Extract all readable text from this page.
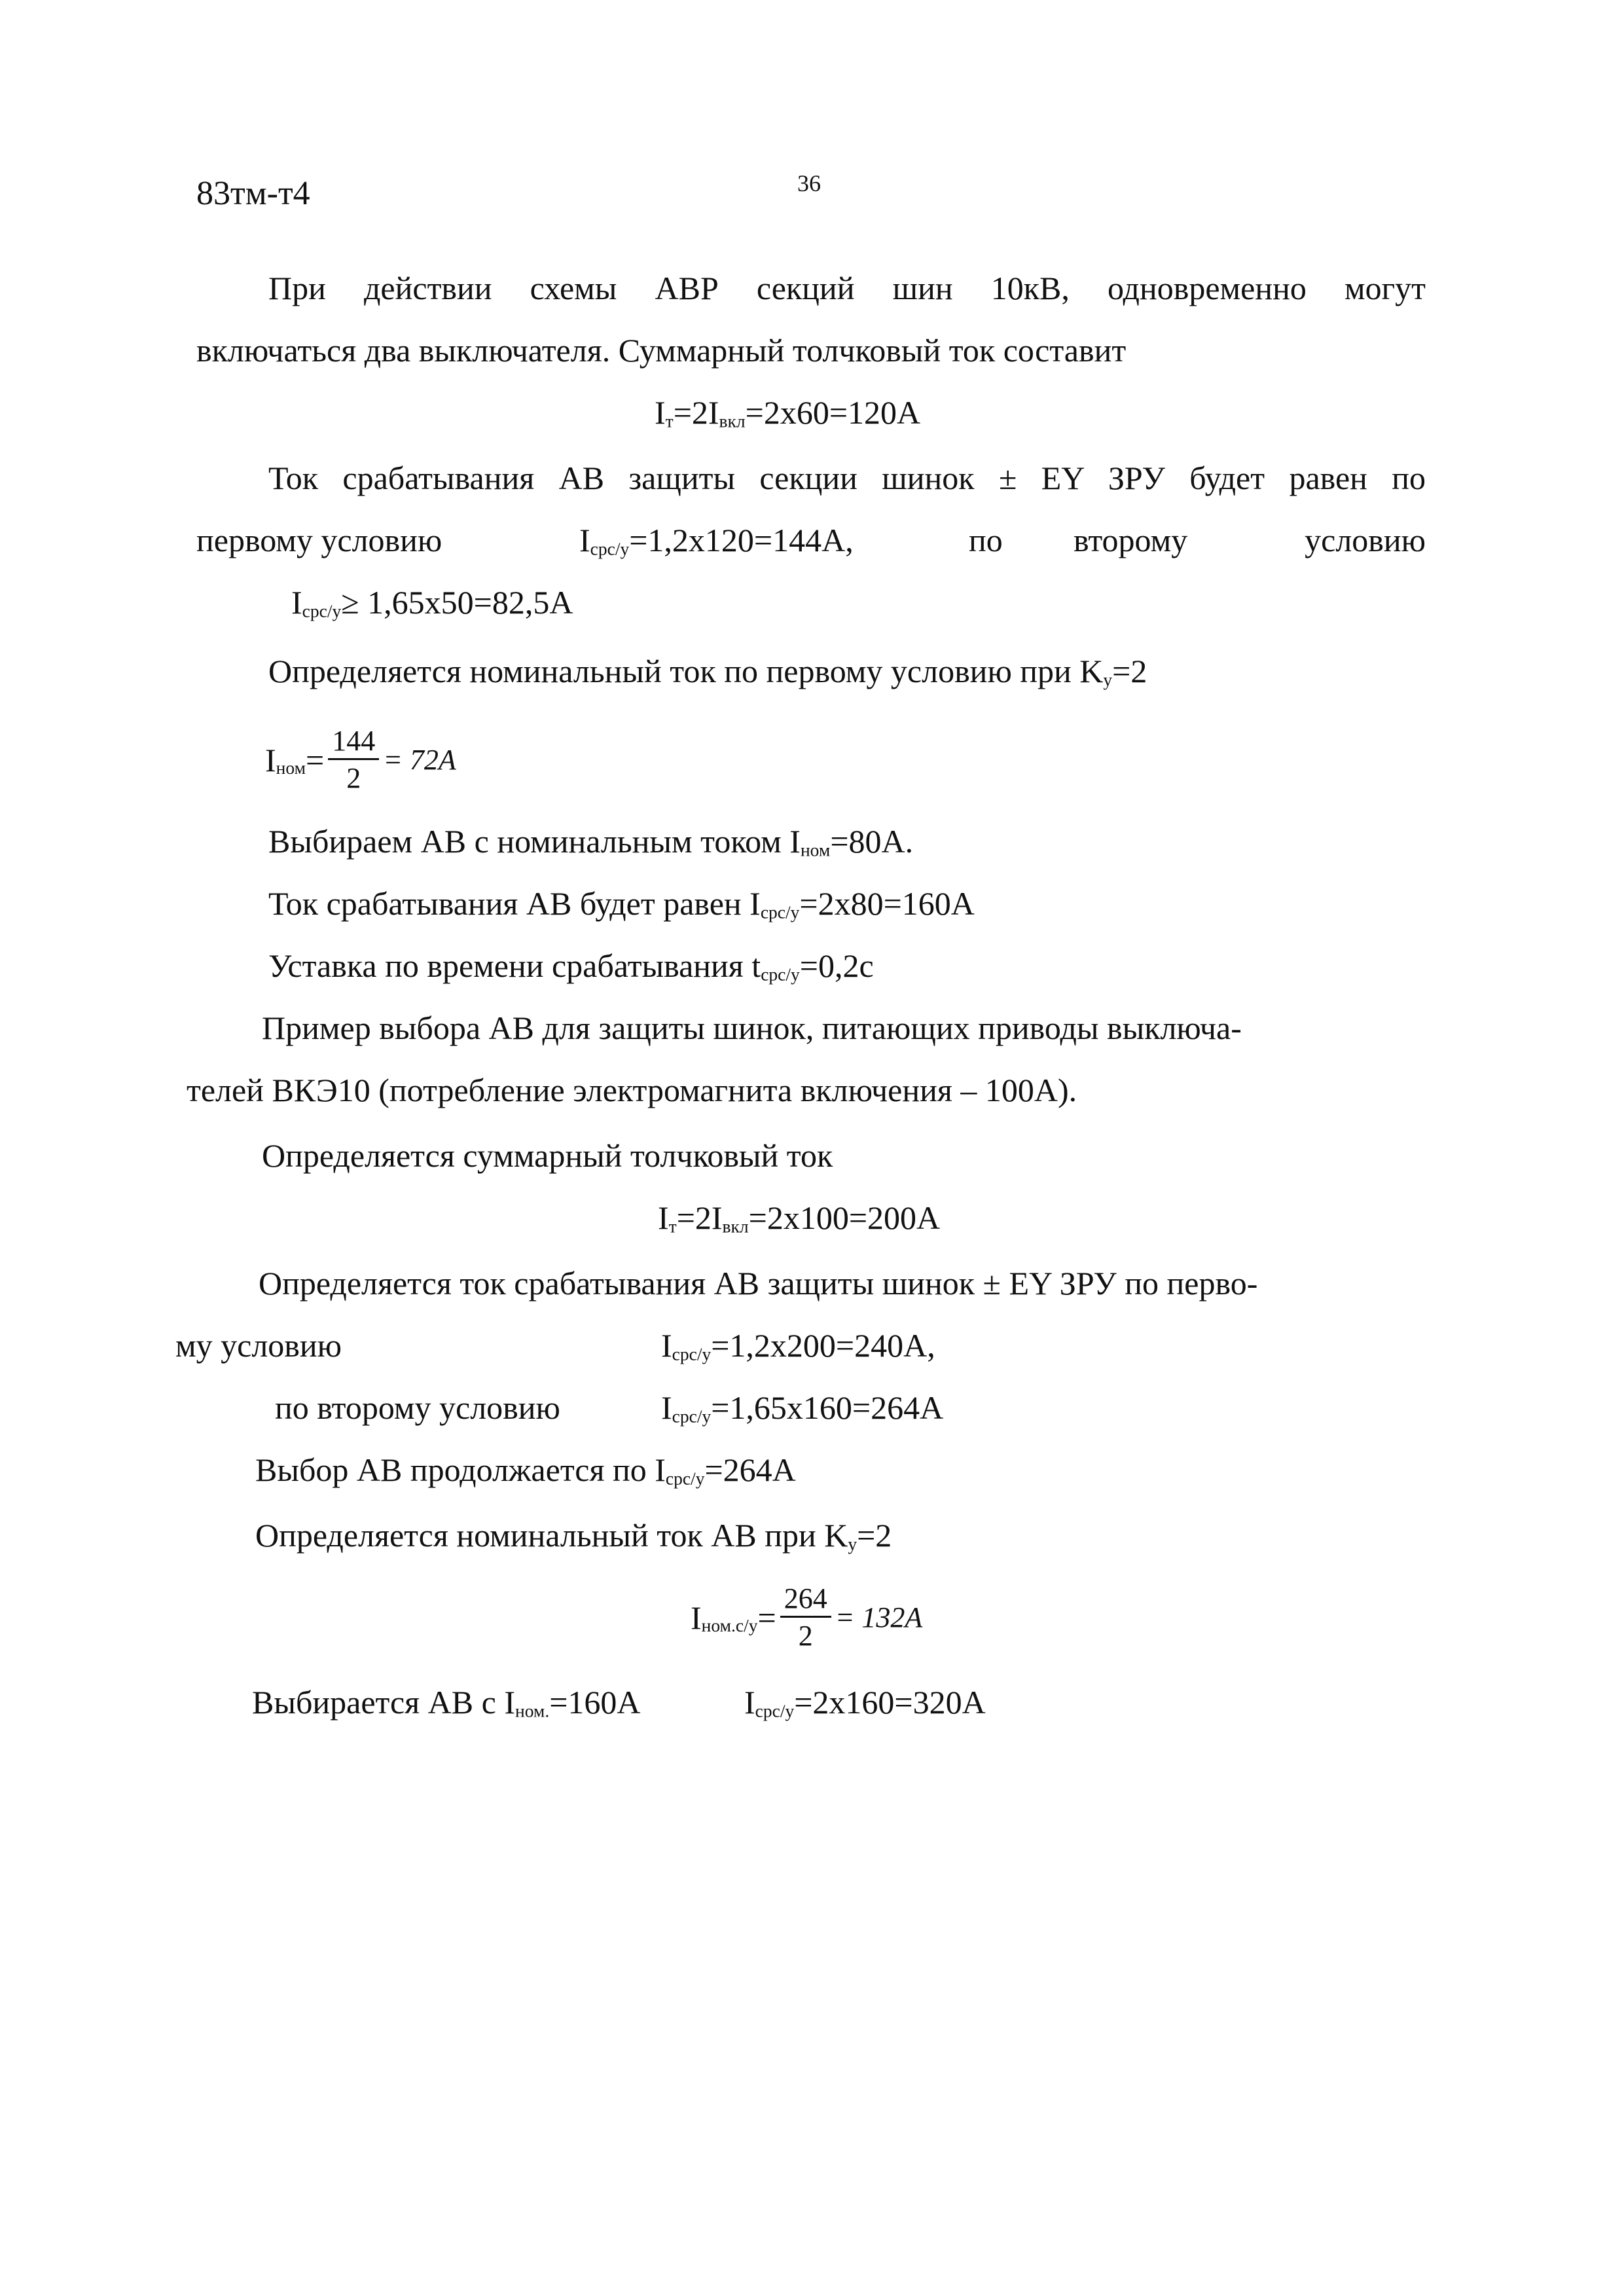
83тм-т4	36
При действии схемы АВР секций шин 10кВ, одновременно могут
включаться два выключателя. Суммарный толчковый ток составит
$I_т=2I_{вкл}=2x60=120A$
Ток срабатывания АВ защиты секции шинок ± EY ЗРУ будет равен по
первому условию	$I_{срс/у}=1,2x120=144A$,	по второму	условию
$I_{срс/у}\ge 1,65x50=82,5A$
Определяется номинальный ток по первому условию при $K_у=2$
$I_{ном} = \frac{144}{2} = 72A$
Выбираем АВ с номинальным током $I_{ном}=80A$.
Ток срабатывания АВ будет равен $I_{срс/у}=2x80=160A$
Уставка по времени срабатывания $t_{срс/у}=0,2с$
Пример выбора АВ для защиты шинок, питающих приводы выключа-
телей ВКЭ10 (потребление электромагнита включения – 100A).
Определяется суммарный толчковый ток
$I_т=2I_{вкл}=2x100=200A$
Определяется ток срабатывания АВ защиты шинок ± EY ЗРУ по перво-
му условию	$I_{срс/у}=1,2x200=240A$,
по второму условию	$I_{срс/у}=1,65x160=264A$
Выбор АВ продолжается по $I_{срс/у}=264A$
Определяется номинальный ток АВ при $K_у=2$
$I_{ном.с/у} = \frac{264}{2} = 132A$
Выбирается АВ с $I_{ном.}=160A$	$I_{срс/у}=2x160=320A$
